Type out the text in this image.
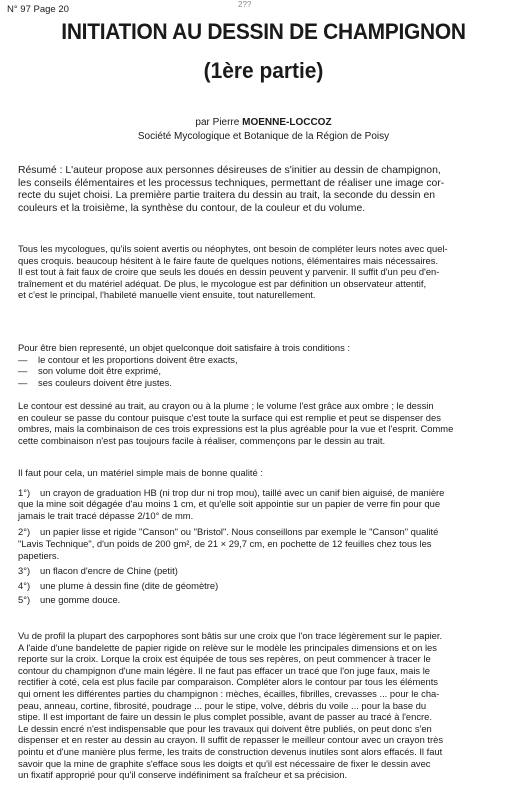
N° 97 Page 20	2??
INITIATION AU DESSIN DE CHAMPIGNON
(1ère partie)
par Pierre MOENNE-LOCCOZ
Société Mycologique et Botanique de la Région de Poisy
Résumé : L'auteur propose aux personnes désireuses de s'initier au dessin de champignon,
les conseils élémentaires et les processus techniques, permettant de réaliser une image cor-
recte du sujet choisi. La première partie traitera du dessin au trait, la seconde du dessin en
couleurs et la troisième, la synthèse du contour, de la couleur et du volume.
Tous les mycologues, qu'ils soient avertis ou néophytes, ont besoin de compléter leurs notes avec quel-
ques croquis. beaucoup hésitent à le faire faute de quelques notions, élémentaires mais nécessaires.
Il est tout à fait faux de croire que seuls les doués en dessin peuvent y parvenir. Il suffit d'un peu d'en-
traînement et du matériel adéquat. De plus, le mycologue est par définition un observateur attentif,
et c'est le principal, l'habileté manuelle vient ensuite, tout naturellement.
Pour être bien representé, un objet quelconque doit satisfaire à trois conditions :
— le contour et les proportions doivent être exacts,
— son volume doit être exprimé,
— ses couleurs doivent être justes.
Le contour est dessiné au trait, au crayon ou à la plume ; le volume l'est grâce aux ombre ; le dessin
en couleur se passe du contour puisque c'est toute la surface qui est remplie et peut se dispenser des
ombres, mais la combinaison de ces trois expressions est la plus agréable pour la vue et l'esprit. Comme
cette combinaison n'est pas toujours facile à réaliser, commençons par le dessin au trait.
Il faut pour cela, un matériel simple mais de bonne qualité :
1°) un crayon de graduation HB (ni trop dur ni trop mou), taillé avec un canif bien aiguisé, de manière
que la mine soit dégagée d'au moins 1 cm, et qu'elle soit appointie sur un papier de verre fin pour que
jamais le trait tracé dépasse 2/10° de mm.
2°) un papier lisse et rigide "Canson" ou "Bristol". Nous conseillons par exemple le "Canson" qualité
"Lavis Technique", d'un poids de 200 gm², de 21 × 29,7 cm, en pochette de 12 feuilles chez tous les
papetiers.
3°) un flacon d'encre de Chine (petit)
4°) une plume à dessin fine (dite de géomètre)
5°) une gomme douce.
Vu de profil la plupart des carpophores sont bâtis sur une croix que l'on trace légèrement sur le papier.
A l'aide d'une bandelette de papier rigide on relève sur le modèle les principales dimensions et on les
reporte sur la croix. Lorque la croix est équipée de tous ses repères, on peut commencer à tracer le
contour du champignon d'une main légère. Il ne faut pas effacer un tracé que l'on juge faux, mais le
rectifier à coté, cela est plus facile par comparaison. Compléter alors le contour par tous les éléments
qui ornent les différentes parties du champignon : mèches, écailles, fibrilles, crevasses ... pour le cha-
peau, anneau, cortine, fibrosité, poudrage ... pour le stipe, volve, débris du voile ... pour la base du
stipe. Il est important de faire un dessin le plus complet possible, avant de passer au tracé à l'encre.
Le dessin encré n'est indispensable que pour les travaux qui doivent être publiés, on peut donc s'en
dispenser et en rester au dessin au crayon. Il suffit de repasser le meilleur contour avec un crayon très
pointu et d'une manière plus ferme, les traits de construction devenus inutiles sont alors effacés. Il faut
savoir que la mine de graphite s'efface sous les doigts et qu'il est nécessaire de fixer le dessin avec
un fixatif approprié pour qu'il conserve indéfiniment sa fraîcheur et sa précision.
